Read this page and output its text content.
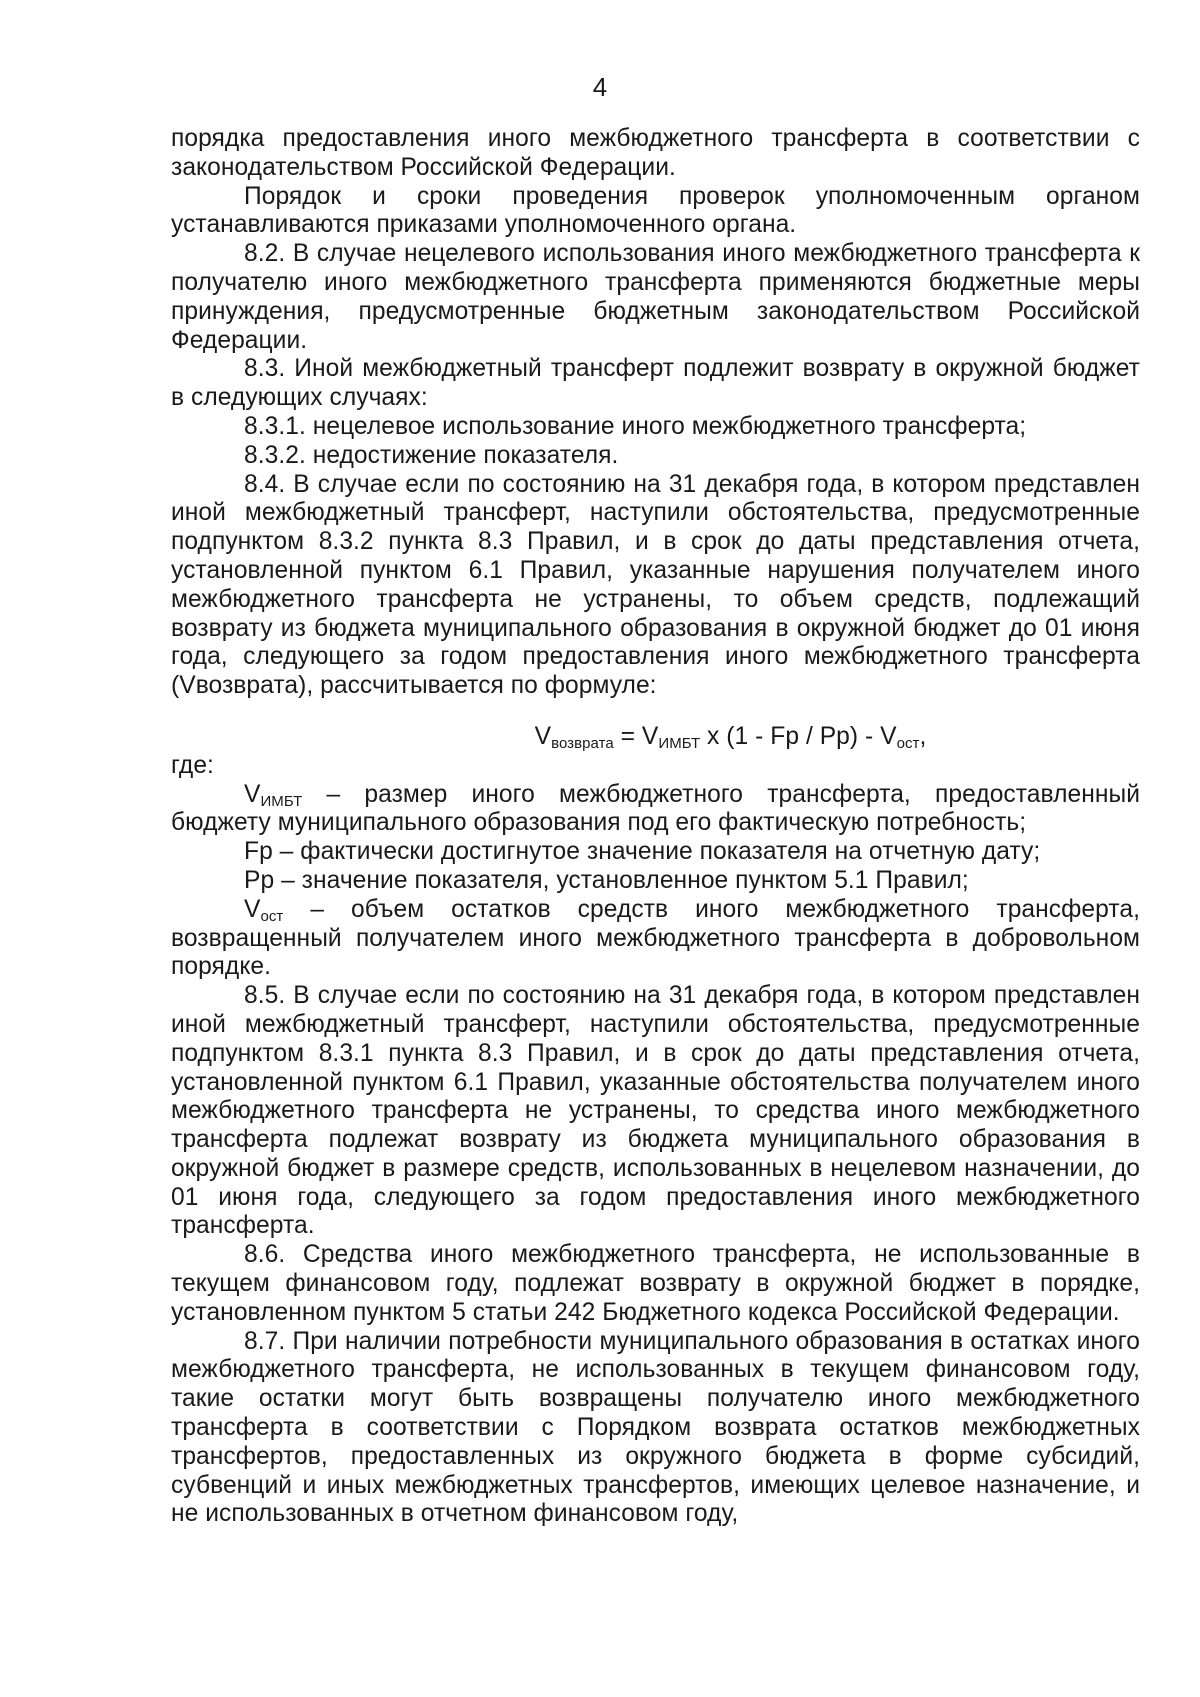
4

порядка предоставления иного межбюджетного трансферта в соответствии с законодательством Российской Федерации.

Порядок и сроки проведения проверок уполномоченным органом устанавливаются приказами уполномоченного органа.

8.2. В случае нецелевого использования иного межбюджетного трансферта к получателю иного межбюджетного трансферта применяются бюджетные меры принуждения, предусмотренные бюджетным законодательством Российской Федерации.

8.3. Иной межбюджетный трансферт подлежит возврату в окружной бюджет в следующих случаях:

8.3.1. нецелевое использование иного межбюджетного трансферта;

8.3.2. недостижение показателя.

8.4. В случае если по состоянию на 31 декабря года, в котором представлен иной межбюджетный трансферт, наступили обстоятельства, предусмотренные подпунктом 8.3.2 пункта 8.3 Правил, и в срок до даты представления отчета, установленной пунктом 6.1 Правил, указанные нарушения получателем иного межбюджетного трансферта не устранены, то объем средств, подлежащий возврату из бюджета муниципального образования в окружной бюджет до 01 июня года, следующего за годом предоставления иного межбюджетного трансферта (Vвозврата), рассчитывается по формуле:

$V_{возврата} = V_{ИМБТ}$ x (1 - Fр / $Рр) - V_{ост}$,

где:

$V_{ИМБТ}$ – размер иного межбюджетного трансферта, предоставленный бюджету муниципального образования под его фактическую потребность;

Fр – фактически достигнутое значение показателя на отчетную дату;

Рр – значение показателя, установленное пунктом 5.1 Правил;

$V_{ост}$ – объем остатков средств иного межбюджетного трансферта, возвращенный получателем иного межбюджетного трансферта в добровольном порядке.

8.5. В случае если по состоянию на 31 декабря года, в котором представлен иной межбюджетный трансферт, наступили обстоятельства, предусмотренные подпунктом 8.3.1 пункта 8.3 Правил, и в срок до даты представления отчета, установленной пунктом 6.1 Правил, указанные обстоятельства получателем иного межбюджетного трансферта не устранены, то средства иного межбюджетного трансферта подлежат возврату из бюджета муниципального образования в окружной бюджет в размере средств, использованных в нецелевом назначении, до 01 июня года, следующего за годом предоставления иного межбюджетного трансферта.

8.6. Средства иного межбюджетного трансферта, не использованные в текущем финансовом году, подлежат возврату в окружной бюджет в порядке, установленном пунктом 5 статьи 242 Бюджетного кодекса Российской Федерации.

8.7. При наличии потребности муниципального образования в остатках иного межбюджетного трансферта, не использованных в текущем финансовом году, такие остатки могут быть возвращены получателю иного межбюджетного трансферта в соответствии с Порядком возврата остатков межбюджетных трансфертов, предоставленных из окружного бюджета в форме субсидий, субвенций и иных межбюджетных трансфертов, имеющих целевое назначение, и не использованных в отчетном финансовом году,
